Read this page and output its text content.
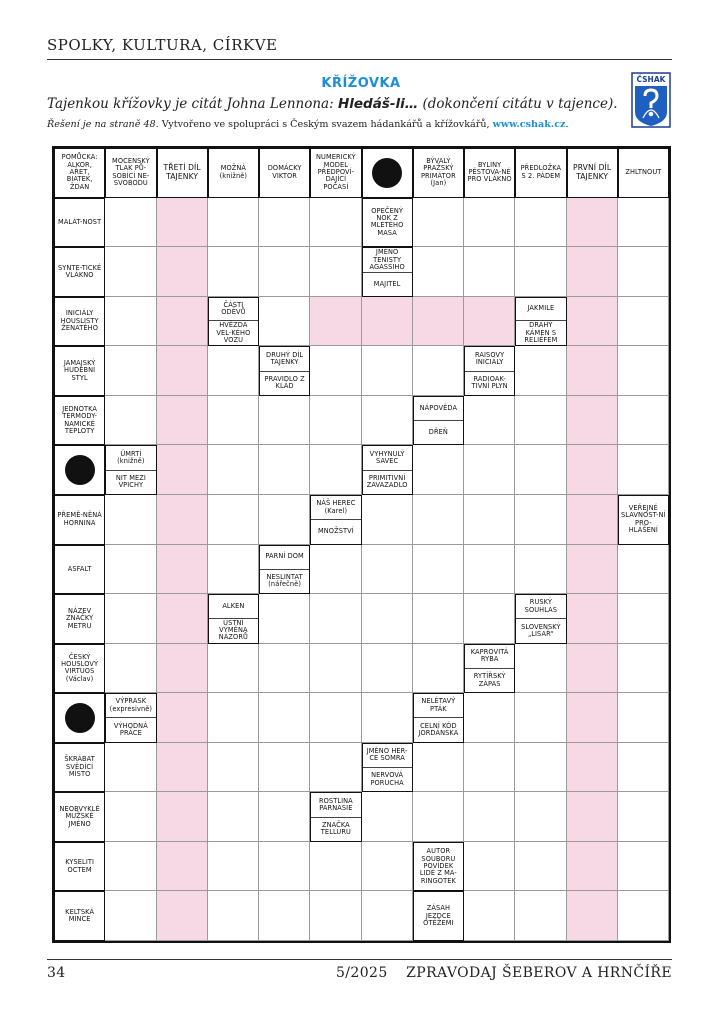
SPOLKY, KULTURA, CÍRKVE
KŘÍŽOVKA	ČSHAK
Tajenkou křížovky je citát Johna Lennona: Hledáš-li… (dokončení citátu v tajence).
Řešení je na straně 48. Vytvořeno ve spolupráci s Českým svazem hádankářů a křížovkářů, www.cshak.cz.
POMŮCKA: ALKOR, AŘET, BIATEK, ŽDAN
MOCENSKÝ TLAK PŮ-SOBÍCÍ NE-SVOBODU
TŘETÍ DÍL TAJENKY
MOŽNÁ (knižně)
DOMÁCKY VIKTOR
NUMERICKÝ MODEL PŘEDPOVÍ-DAJÍCÍ POČASÍ
BÝVALÝ PRAŽSKÝ PRIMÁTOR (Jan)
BYLINY PĚSTOVA-NÉ PRO VLÁKNO
PŘEDLOŽKA S 2. PÁDEM
PRVNÍ DÍL TAJENKY	ZHLTNOUT
MALÁT-NOST
OPEČENÝ NOK Z MLETÉHO MASA
SYNTE-TICKÉ VLÁKNO
JMÉNO TENISTY AGASSIHO
MAJITEL
INICIÁLY HOUSLISTY ŽENATÉHO
ČÁSTI ODĚVŮ
HVĚZDA VEL-KÉHO VOZU
JAKMILE
DRAHÝ KÁMEN S RELIÉFEM
JAMAJSKÝ HUDEBNÍ STYL
DRUHÝ DÍL TAJENKY
PRAVIDLO Z KLÁD
RAISOVY INICIÁLY
RADIOAK-TIVNÍ PLYN
JEDNOTKA TERMODY-NAMICKÉ TEPLOTY
NÁPOVĚDA
DŘEŇ
ÚMRTÍ (knižně)
NIT MEZI VPICHY
VYHYNULÝ SAVEC
PRIMITIVNÍ ZAVAZADLO
PŘEMĚ-NĚNÁ HORNINA
NÁŠ HEREC (Karel)
MNOŽSTVÍ
VEŘEJNÉ SLAVNOST-NÍ PRO-HLÁŠENÍ
ASFALT
PARNÍ DOM
NESLINTAT (nářečně)
NÁZEV ZNAČKY METRU
ALKEN
ÚSTNÍ VÝMĚNA NÁZORŮ
RUSKÝ SOUHLAS
SLOVENSKÝ „LISAŘ“
ČESKÝ HOUSLOVÝ VIRTUOS (Václav)
KAPROVITÁ RYBA
RYTÍŘSKÝ ZÁPAS
VÝPRASK (expresivně)
VÝHODNÁ PRÁCE
NELÉTAVÝ PTÁK
CELNÍ KÓD JORDÁNSKA
ŠKRÁBAT SVĚDÍCÍ MÍSTO
JMÉNO HER-CE SOMRA
NERVOVÁ PORUCHA
NEOBVYKLÉ MUŽSKÉ JMÉNO
ROSTLINA PARNASIE
ZNAČKA TELLURU
KYSELITI OCTEM
AUTOR SOUBORU POVÍDEK LIDÉ Z MA-RINGOTEK
KELTSKÁ MINCE
ZÁSAH JEZDCE OTĚŽEMI
34	5/2025 ZPRAVODAJ ŠEBEROV A HRNČÍŘE
